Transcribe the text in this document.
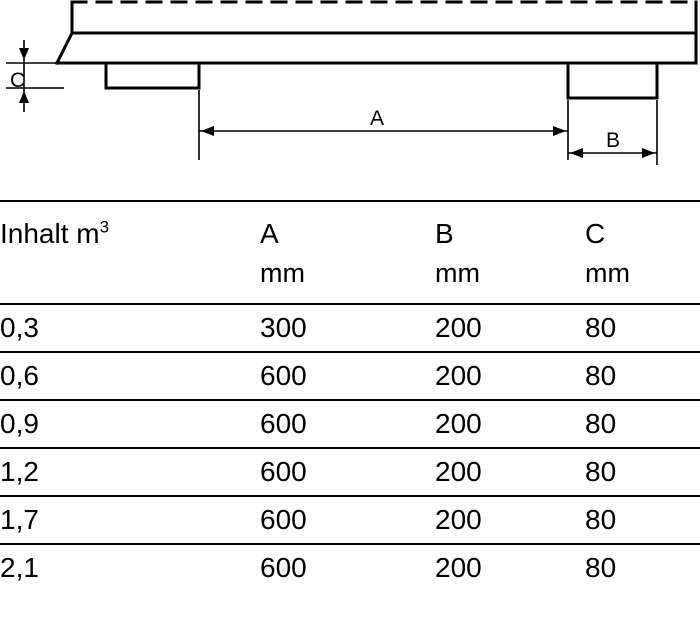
C
A
B
Inhalt $m^3$	A	B	C
	mm	mm	mm
0,3	300	200	80
0,6	600	200	80
0,9	600	200	80
1,2	600	200	80
1,7	600	200	80
2,1	600	200	80
